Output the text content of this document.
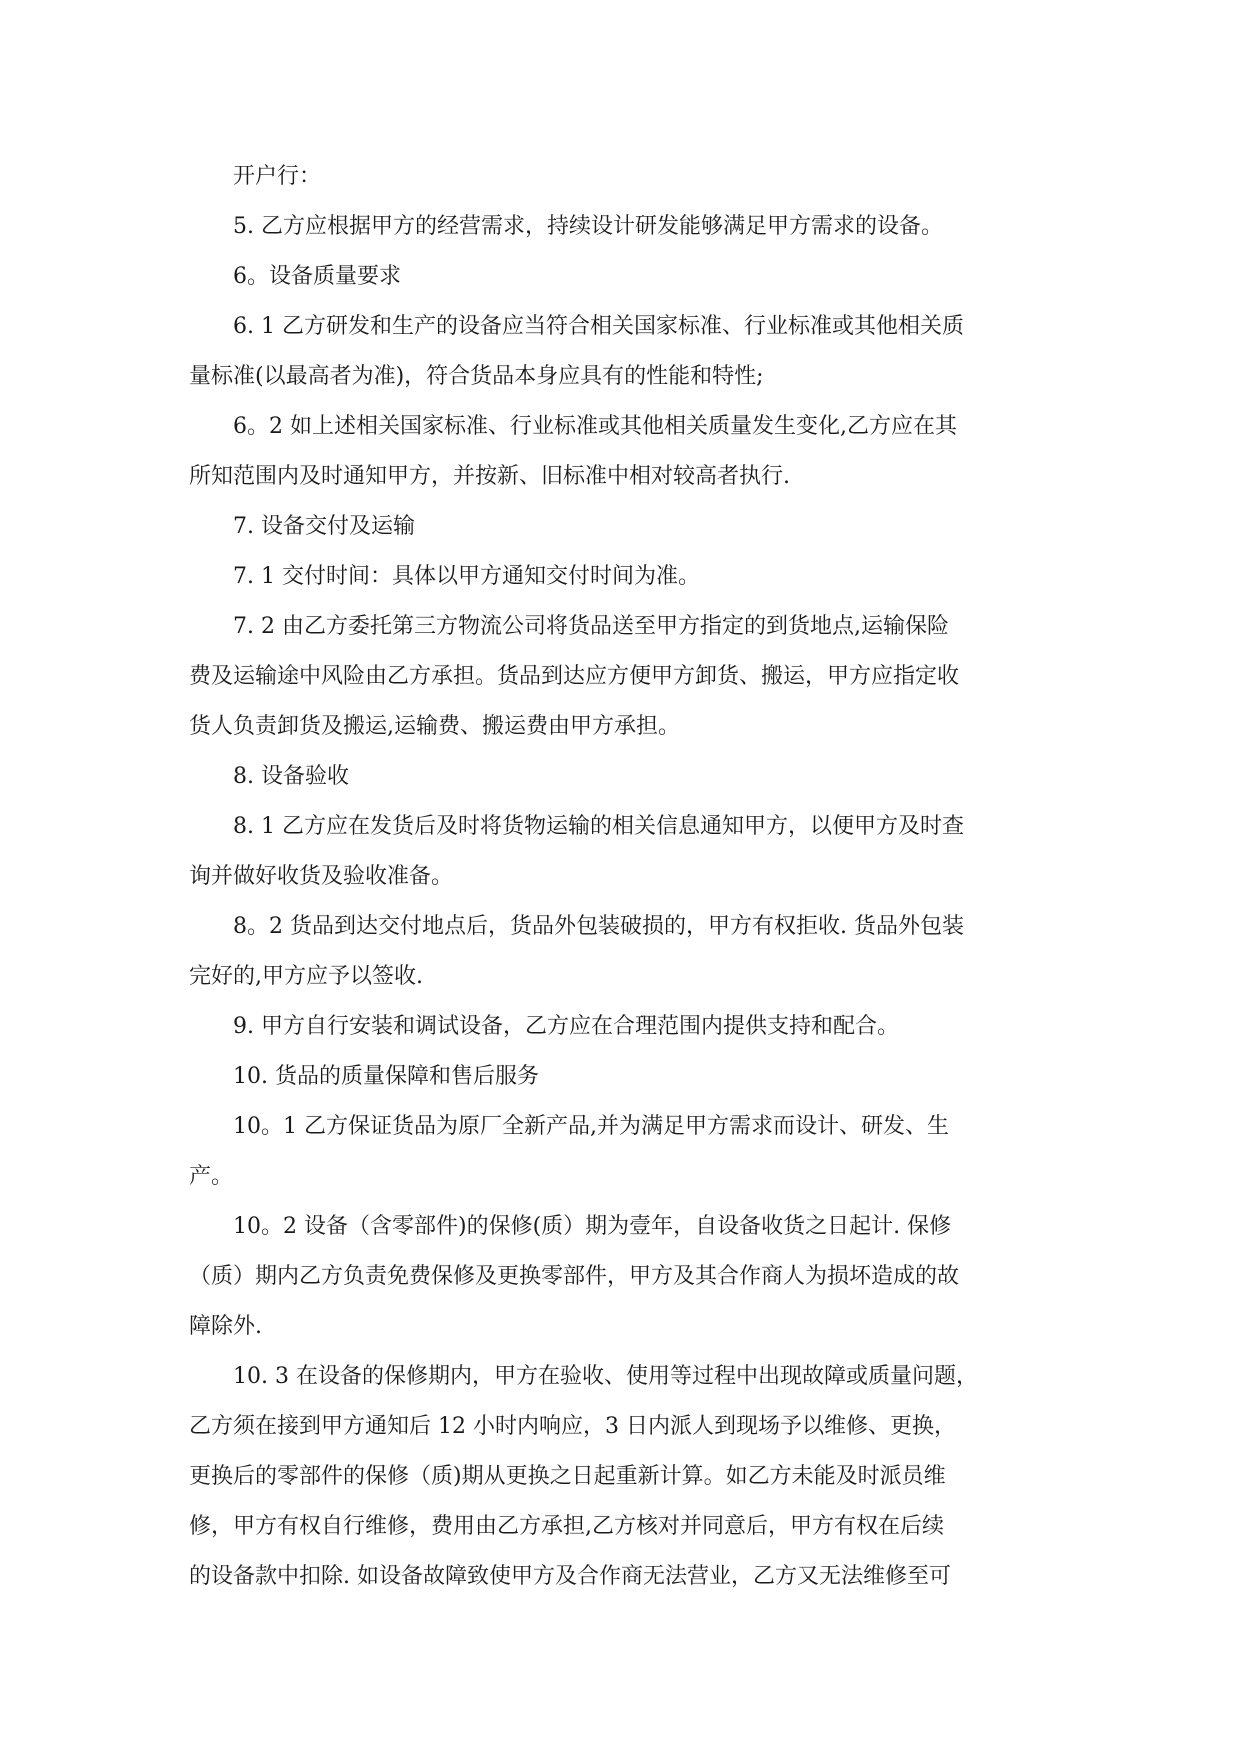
开户行：
5. 乙方应根据甲方的经营需求，持续设计研发能够满足甲方需求的设备。
6。设备质量要求
6. 1 乙方研发和生产的设备应当符合相关国家标准、行业标准或其他相关质
量标准(以最高者为准)，符合货品本身应具有的性能和特性;
6。2 如上述相关国家标准、行业标准或其他相关质量发生变化,乙方应在其
所知范围内及时通知甲方，并按新、旧标准中相对较高者执行.
7. 设备交付及运输
7. 1 交付时间：具体以甲方通知交付时间为准。
7. 2 由乙方委托第三方物流公司将货品送至甲方指定的到货地点,运输保险
费及运输途中风险由乙方承担。货品到达应方便甲方卸货、搬运，甲方应指定收
货人负责卸货及搬运,运输费、搬运费由甲方承担。
8. 设备验收
8. 1 乙方应在发货后及时将货物运输的相关信息通知甲方，以便甲方及时查
询并做好收货及验收准备。
8。2 货品到达交付地点后，货品外包装破损的，甲方有权拒收. 货品外包装
完好的,甲方应予以签收.
9. 甲方自行安装和调试设备，乙方应在合理范围内提供支持和配合。
10. 货品的质量保障和售后服务
10。1 乙方保证货品为原厂全新产品,并为满足甲方需求而设计、研发、生
产。
10。2 设备（含零部件)的保修(质）期为壹年，自设备收货之日起计. 保修
（质）期内乙方负责免费保修及更换零部件，甲方及其合作商人为损坏造成的故
障除外.
10. 3 在设备的保修期内，甲方在验收、使用等过程中出现故障或质量问题，
乙方须在接到甲方通知后 12 小时内响应，3 日内派人到现场予以维修、更换，
更换后的零部件的保修（质)期从更换之日起重新计算。如乙方未能及时派员维
修，甲方有权自行维修，费用由乙方承担,乙方核对并同意后，甲方有权在后续
的设备款中扣除. 如设备故障致使甲方及合作商无法营业，乙方又无法维修至可
